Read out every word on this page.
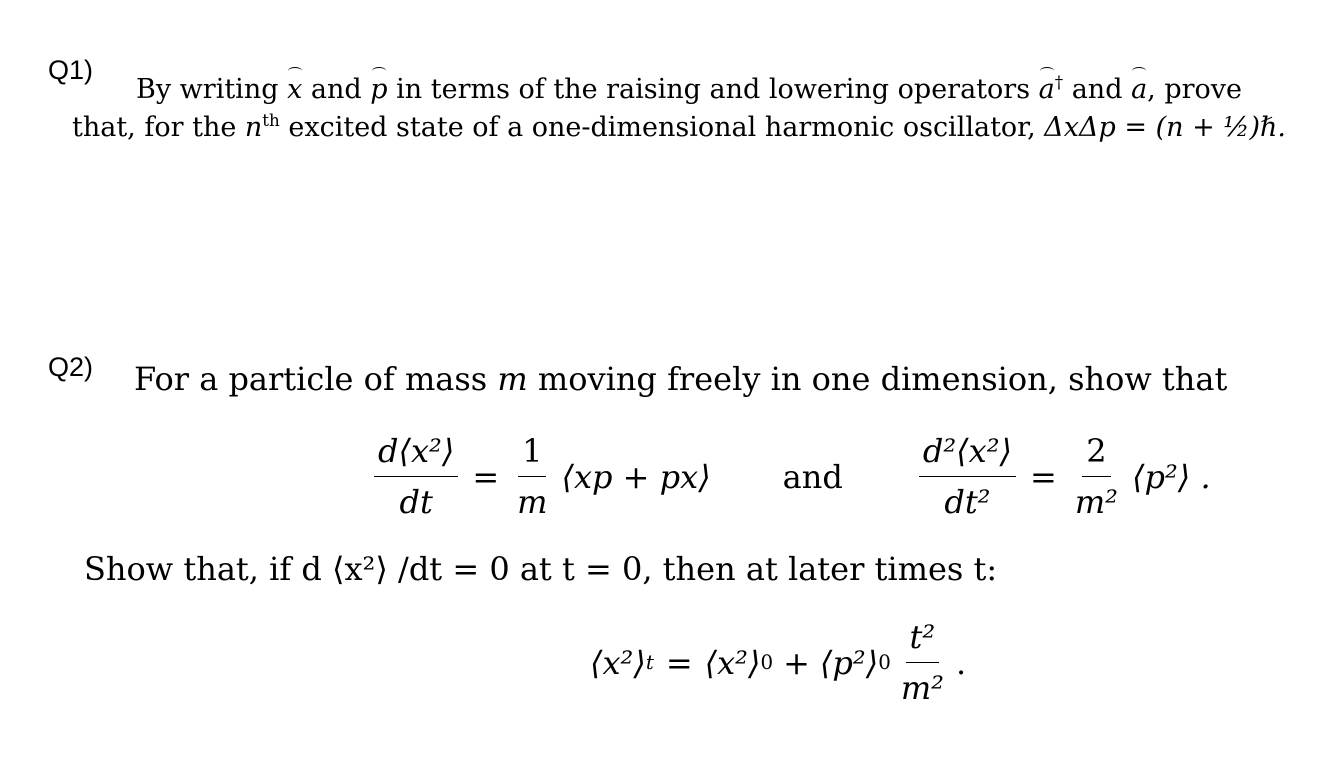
Q1)
By writing x and p in terms of the raising and lowering operators a† and a, prove
that, for the $n^{th}$ excited state of a one-dimensional harmonic oscillator, ΔxΔp = (n + ½)ℏ.
Q2) For a particle of mass m moving freely in one dimension, show that
$\frac{\text{d⟨x²⟩}}{dt} = \frac{1}{m}$ ⟨xp + px⟩ and $\frac{\text{d²⟨x²⟩}}{\text{dt²}} = \frac{2}{\text{m²}}$ ⟨p²⟩ .
Show that, if d ⟨x²⟩ /dt = 0 at t = 0, then at later times t:
⟨x²⟩ t = ⟨x²⟩ 0 + ⟨p²⟩ $0 \frac{\text{t²}}{\text{m²}}$ .
